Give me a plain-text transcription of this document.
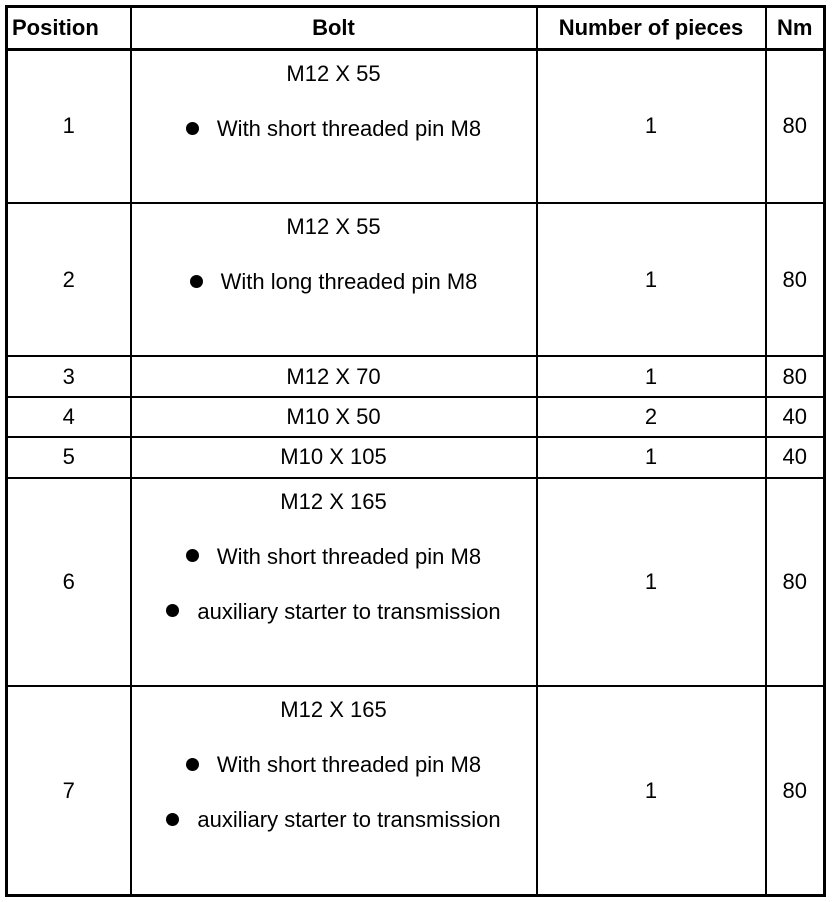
Position	Bolt	Number of pieces	Nm
1	M12 X 55
With short threaded pin M8	1	80
2	M12 X 55
With long threaded pin M8	1	80
3	M12 X 70	1	80
4	M10 X 50	2	40
5	M10 X 105	1	40
6	M12 X 165
With short threaded pin M8
auxiliary starter to transmission	1	80
7	M12 X 165
With short threaded pin M8
auxiliary starter to transmission	1	80
